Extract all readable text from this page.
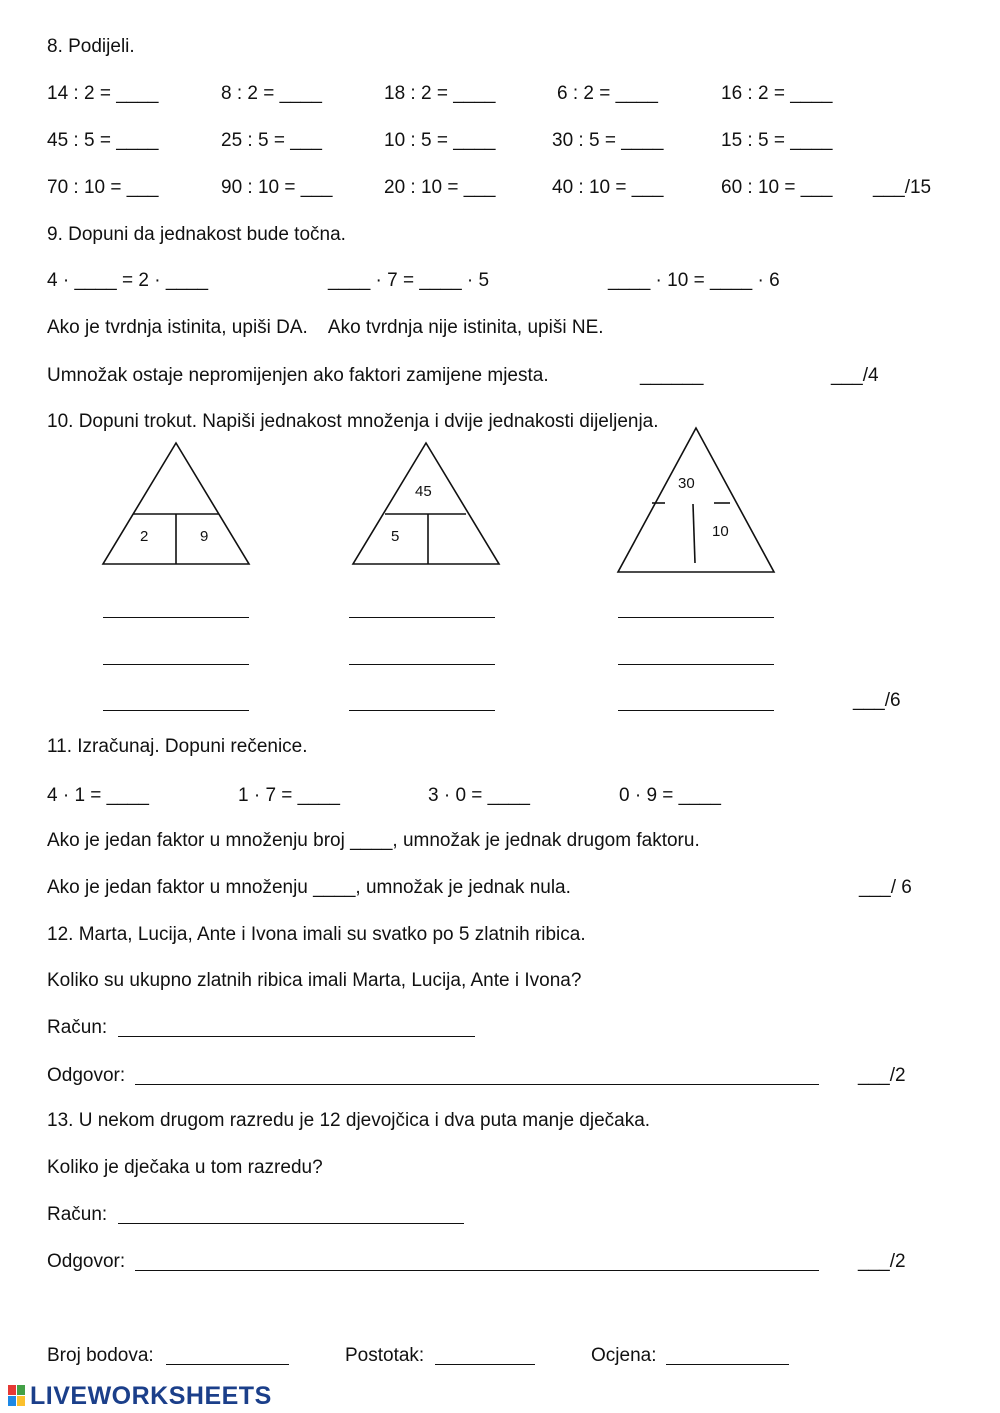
8. Podijeli.
14 : 2 = ____	8 : 2 = ____	18 : 2 = ____	6 : 2 = ____	16 : 2 = ____
45 : 5 = ____	25 : 5 = ___	10 : 5 = ____	30 : 5 = ____	15 : 5 = ____
70 : 10 = ___	90 : 10 = ___	20 : 10 = ___	40 : 10 = ___	60 : 10 = ___ ___/15
9. Dopuni da jednakost bude točna.
4 · ____ = 2 · ____	____ · 7 = ____ · 5	____ · 10 = ____ · 6
Ako je tvrdnja istinita, upiši DA.    Ako tvrdnja nije istinita, upiši NE.
Umnožak ostaje nepromijenjen ako faktori zamijene mjesta.	______	___/4
10. Dopuni trokut. Napiši jednakost množenja i dvije jednakosti dijeljenja.
2	9
45
5
30
10
___/6
11. Izračunaj. Dopuni rečenice.
4 · 1 = ____	1 · 7 = ____	3 · 0 = ____	0 · 9 = ____
Ako je jedan faktor u množenju broj ____, umnožak je jednak drugom faktoru.
Ako je jedan faktor u množenju ____, umnožak je jednak nula.	___/ 6
12. Marta, Lucija, Ante i Ivona imali su svatko po 5 zlatnih ribica.
Koliko su ukupno zlatnih ribica imali Marta, Lucija, Ante i Ivona?
Račun:
Odgovor:	___/2
13. U nekom drugom razredu je 12 djevojčica i dva puta manje dječaka.
Koliko je dječaka u tom razredu?
Račun:
Odgovor:	___/2
Broj bodova:	Postotak:	Ocjena:
LIVEWORKSHEETS
